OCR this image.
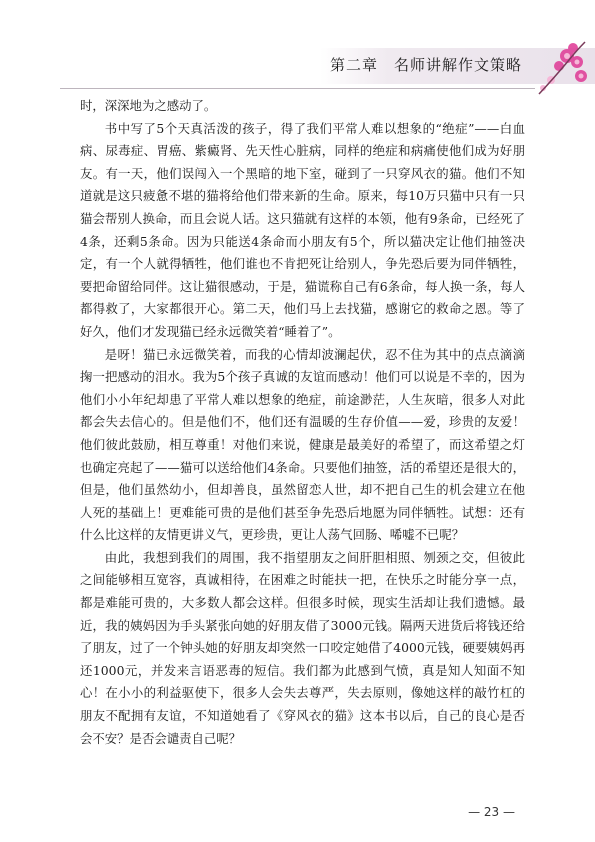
第二章　名师讲解作文策略

时，深深地为之感动了。

书中写了5个天真活泼的孩子，得了我们平常人难以想象的“绝症”——白血病、尿毒症、胃癌、紫癜肾、先天性心脏病，同样的绝症和病痛使他们成为好朋友。有一天，他们误闯入一个黑暗的地下室，碰到了一只穿风衣的猫。他们不知道就是这只疲惫不堪的猫将给他们带来新的生命。原来，每10万只猫中只有一只猫会帮别人换命，而且会说人话。这只猫就有这样的本领，他有9条命，已经死了4条，还剩5条命。因为只能送4条命而小朋友有5个，所以猫决定让他们抽签决定，有一个人就得牺牲，他们谁也不肯把死让给别人，争先恐后要为同伴牺牲，要把命留给同伴。这让猫很感动，于是，猫谎称自己有6条命，每人换一条，每人都得救了，大家都很开心。第二天，他们马上去找猫，感谢它的救命之恩。等了好久，他们才发现猫已经永远微笑着“睡着了”。

是呀！猫已永远微笑着，而我的心情却波澜起伏，忍不住为其中的点点滴滴掬一把感动的泪水。我为5个孩子真诚的友谊而感动！他们可以说是不幸的，因为他们小小年纪却患了平常人难以想象的绝症，前途渺茫，人生灰暗，很多人对此都会失去信心的。但是他们不，他们还有温暖的生存价值——爱，珍贵的友爱！他们彼此鼓励，相互尊重！对他们来说，健康是最美好的希望了，而这希望之灯也确定亮起了——猫可以送给他们4条命。只要他们抽签，活的希望还是很大的，但是，他们虽然幼小，但却善良，虽然留恋人世，却不把自己生的机会建立在他人死的基础上！更难能可贵的是他们甚至争先恐后地愿为同伴牺牲。试想：还有什么比这样的友情更讲义气，更珍贵，更让人荡气回肠、唏嘘不已呢？

由此，我想到我们的周围，我不指望朋友之间肝胆相照、刎颈之交，但彼此之间能够相互宽容，真诚相待，在困难之时能扶一把，在快乐之时能分享一点，都是难能可贵的，大多数人都会这样。但很多时候，现实生活却让我们遗憾。最近，我的姨妈因为手头紧张向她的好朋友借了3000元钱。隔两天进货后将钱还给了朋友，过了一个钟头她的好朋友却突然一口咬定她借了4000元钱，硬要姨妈再还1000元，并发来言语恶毒的短信。我们都为此感到气愤，真是知人知面不知心！在小小的利益驱使下，很多人会失去尊严，失去原则，像她这样的敲竹杠的朋友不配拥有友谊，不知道她看了《穿风衣的猫》这本书以后，自己的良心是否会不安？是否会谴责自己呢？

— 23 —
